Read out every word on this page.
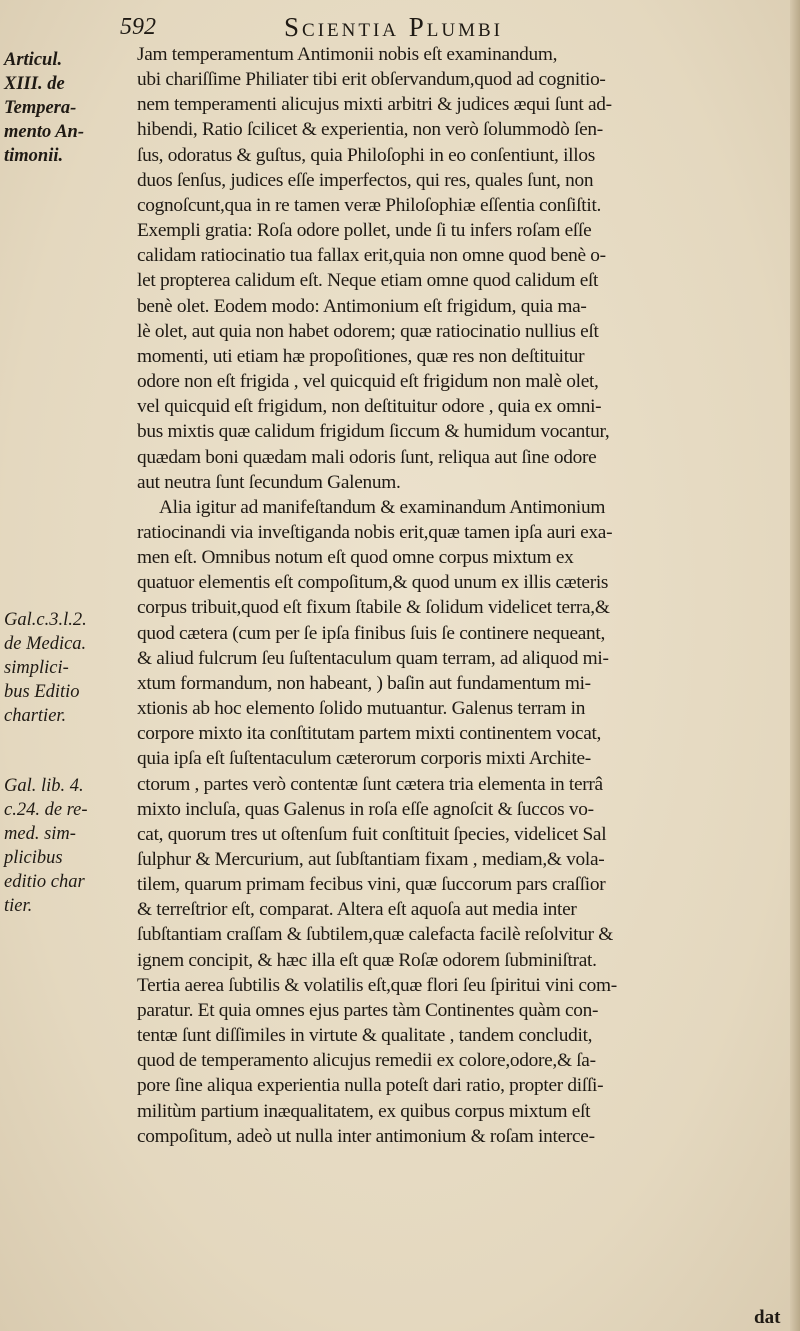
592	Scientia Plumbi
Articul.
XIII. de
Tempera-
mento An-
timonii.
Gal.c.3.l.2.
de Medica.
simplici-
bus Editio
chartier.
Gal. lib. 4.
c.24. de re-
med. sim-
plicibus
editio char
tier.
Jam temperamentum Antimonii nobis eſt examinandum,
ubi chariſſime Philiater tibi erit obſervandum,quod ad cognitio-
nem temperamenti alicujus mixti arbitri & judices æqui ſunt ad-
hibendi, Ratio ſcilicet & experientia, non verò ſolummodò ſen-
ſus, odoratus & guſtus, quia Philoſophi in eo conſentiunt, illos
duos ſenſus, judices eſſe imperfectos, qui res, quales ſunt, non
cognoſcunt,qua in re tamen veræ Philoſophiæ eſſentia conſiſtit.
Exempli gratia: Roſa odore pollet, unde ſi tu infers roſam eſſe
calidam ratiocinatio tua fallax erit,quia non omne quod benè o-
let propterea calidum eſt. Neque etiam omne quod calidum eſt
benè olet. Eodem modo: Antimonium eſt frigidum, quia ma-
lè olet, aut quia non habet odorem; quæ ratiocinatio nullius eſt
momenti, uti etiam hæ propoſitiones, quæ res non deſtituitur
odore non eſt frigida , vel quicquid eſt frigidum non malè olet,
vel quicquid eſt frigidum, non deſtituitur odore , quia ex omni-
bus mixtis quæ calidum frigidum ſiccum & humidum vocantur,
quædam boni quædam mali odoris ſunt, reliqua aut ſine odore
aut neutra ſunt ſecundum Galenum.
Alia igitur ad manifeſtandum & examinandum Antimonium
ratiocinandi via inveſtiganda nobis erit,quæ tamen ipſa auri exa-
men eſt. Omnibus notum eſt quod omne corpus mixtum ex
quatuor elementis eſt compoſitum,& quod unum ex illis cæteris
corpus tribuit,quod eſt fixum ſtabile & ſolidum videlicet terra,&
quod cætera (cum per ſe ipſa finibus ſuis ſe continere nequeant,
& aliud fulcrum ſeu ſuſtentaculum quam terram, ad aliquod mi-
xtum formandum, non habeant, ) baſin aut fundamentum mi-
xtionis ab hoc elemento ſolido mutuantur. Galenus terram in
corpore mixto ita conſtitutam partem mixti continentem vocat,
quia ipſa eſt ſuſtentaculum cæterorum corporis mixti Archite-
ctorum , partes verò contentæ ſunt cætera tria elementa in terrâ
mixto incluſa, quas Galenus in roſa eſſe agnoſcit & ſuccos vo-
cat, quorum tres ut oſtenſum fuit conſtituit ſpecies, videlicet Sal
ſulphur & Mercurium, aut ſubſtantiam fixam , mediam,& vola-
tilem, quarum primam fecibus vini, quæ ſuccorum pars craſſior
& terreſtrior eſt, comparat. Altera eſt aquoſa aut media inter
ſubſtantiam craſſam & ſubtilem,quæ calefacta facilè reſolvitur &
ignem concipit, & hæc illa eſt quæ Roſæ odorem ſubminiſtrat.
Tertia aerea ſubtilis & volatilis eſt,quæ flori ſeu ſpiritui vini com-
paratur. Et quia omnes ejus partes tàm Continentes quàm con-
tentæ ſunt diſſimiles in virtute & qualitate , tandem concludit,
quod de temperamento alicujus remedii ex colore,odore,& ſa-
pore ſine aliqua experientia nulla poteſt dari ratio, propter diſſi-
militùm partium inæqualitatem, ex quibus corpus mixtum eſt
compoſitum, adeò ut nulla inter antimonium & roſam interce-
dat
